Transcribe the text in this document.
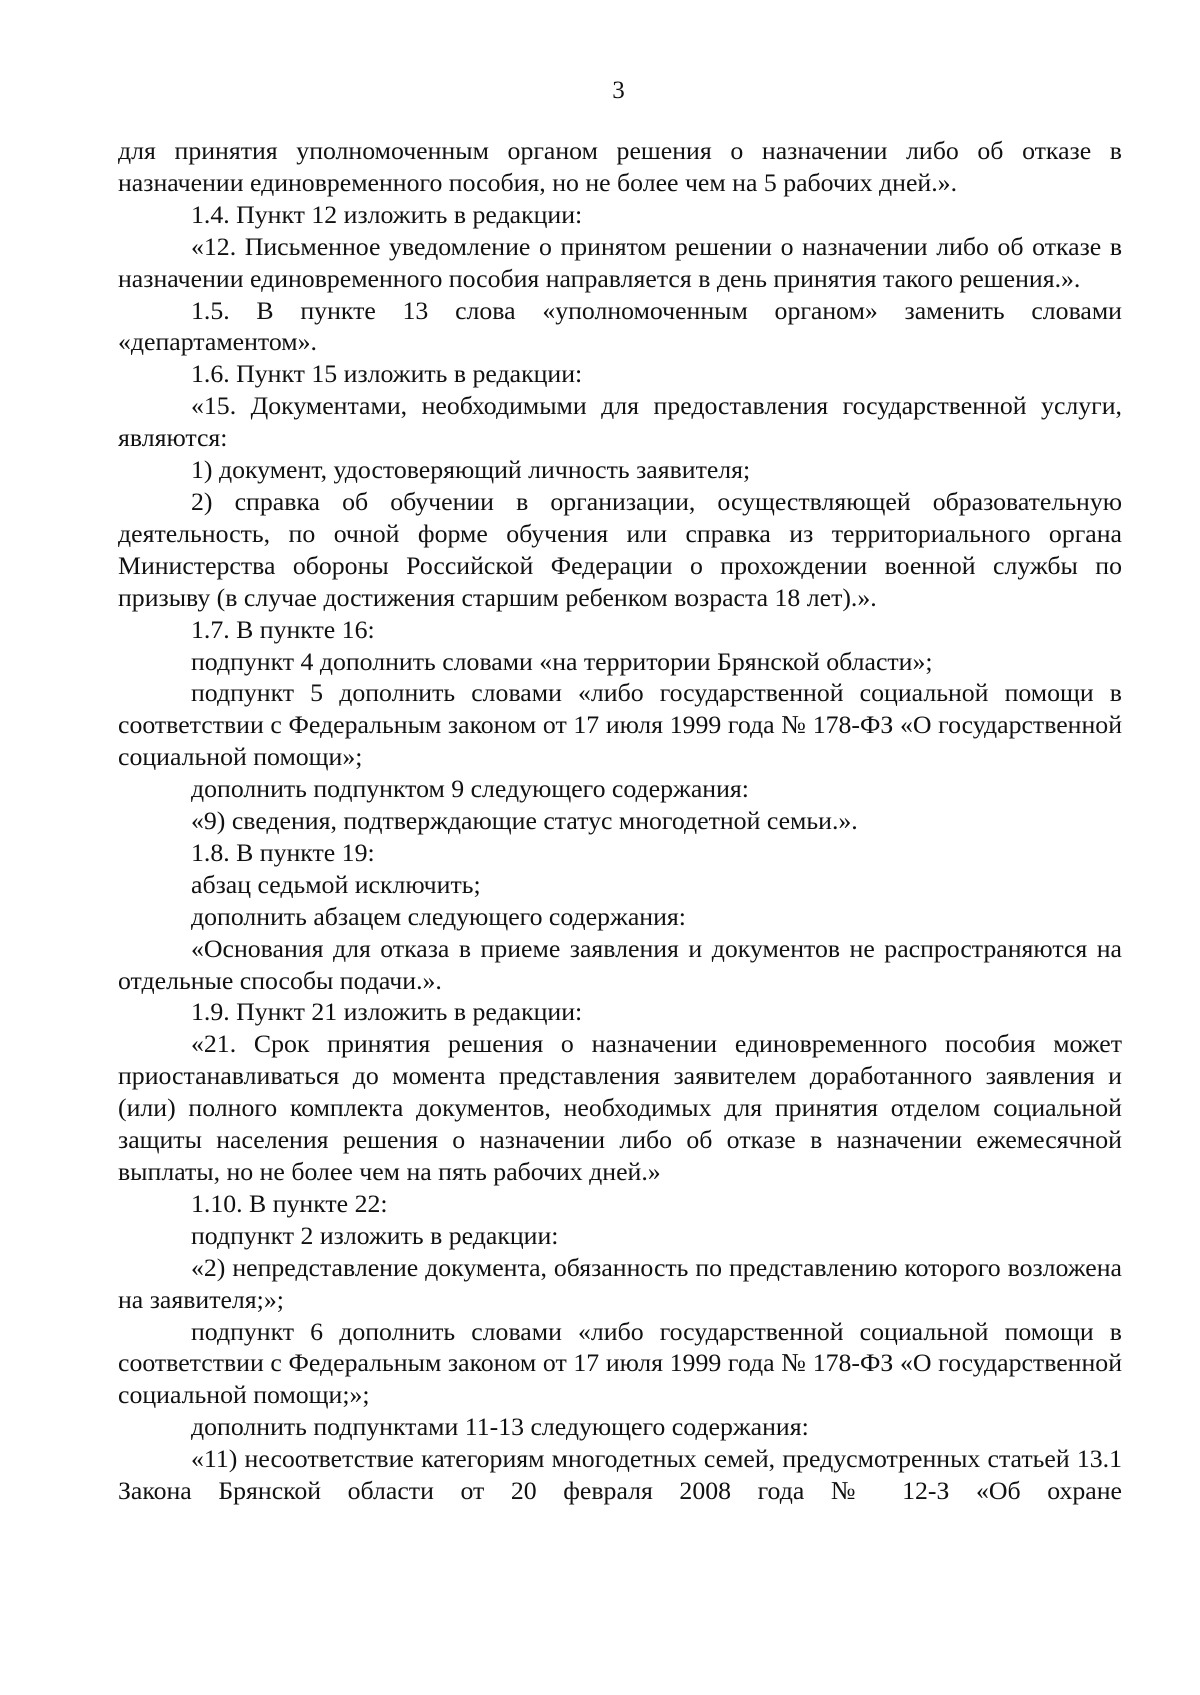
3

для принятия уполномоченным органом решения о назначении либо об отказе в назначении единовременного пособия, но не более чем на 5 рабочих дней.».

1.4. Пункт 12 изложить в редакции:

«12. Письменное уведомление о принятом решении о назначении либо об отказе в назначении единовременного пособия направляется в день принятия такого решения.».

1.5. В пункте 13 слова «уполномоченным органом» заменить словами «департаментом».

1.6. Пункт 15 изложить в редакции:

«15. Документами, необходимыми для предоставления государственной услуги, являются:

1) документ, удостоверяющий личность заявителя;

2) справка об обучении в организации, осуществляющей образовательную деятельность, по очной форме обучения или справка из территориального органа Министерства обороны Российской Федерации о прохождении военной службы по призыву (в случае достижения старшим ребенком возраста 18 лет).».

1.7. В пункте 16:

подпункт 4 дополнить словами «на территории Брянской области»;

подпункт 5 дополнить словами «либо государственной социальной помощи в соответствии с Федеральным законом от 17 июля 1999 года № 178-ФЗ «О государственной социальной помощи»;

дополнить подпунктом 9 следующего содержания:

«9) сведения, подтверждающие статус многодетной семьи.».

1.8. В пункте 19:

абзац седьмой исключить;

дополнить абзацем следующего содержания:

«Основания для отказа в приеме заявления и документов не распространяются на отдельные способы подачи.».

1.9. Пункт 21 изложить в редакции:

«21. Срок принятия решения о назначении единовременного пособия может приостанавливаться до момента представления заявителем доработанного заявления и (или) полного комплекта документов, необходимых для принятия отделом социальной защиты населения решения о назначении либо об отказе в назначении ежемесячной выплаты, но не более чем на пять рабочих дней.»

1.10. В пункте 22:

подпункт 2 изложить в редакции:

«2) непредставление документа, обязанность по представлению которого возложена на заявителя;»;

подпункт 6 дополнить словами «либо государственной социальной помощи в соответствии с Федеральным законом от 17 июля 1999 года № 178-ФЗ «О государственной социальной помощи;»;

дополнить подпунктами 11-13 следующего содержания:

«11) несоответствие категориям многодетных семей, предусмотренных статьей 13.1 Закона Брянской области от 20 февраля 2008 года № 12-З «Об охране
